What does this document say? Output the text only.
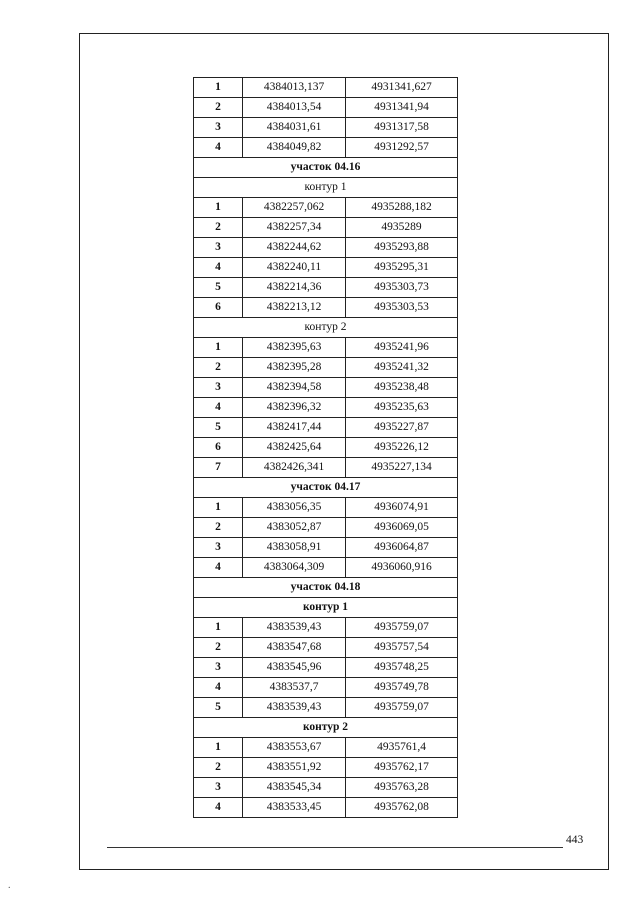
1	4384013,137	4931341,627
2	4384013,54	4931341,94
3	4384031,61	4931317,58
4	4384049,82	4931292,57
участок 04.16		
контур 1		
1	4382257,062	4935288,182
2	4382257,34	4935289
3	4382244,62	4935293,88
4	4382240,11	4935295,31
5	4382214,36	4935303,73
6	4382213,12	4935303,53
контур 2		
1	4382395,63	4935241,96
2	4382395,28	4935241,32
3	4382394,58	4935238,48
4	4382396,32	4935235,63
5	4382417,44	4935227,87
6	4382425,64	4935226,12
7	4382426,341	4935227,134
участок 04.17		
1	4383056,35	4936074,91
2	4383052,87	4936069,05
3	4383058,91	4936064,87
4	4383064,309	4936060,916
участок 04.18		
контур 1		
1	4383539,43	4935759,07
2	4383547,68	4935757,54
3	4383545,96	4935748,25
4	4383537,7	4935749,78
5	4383539,43	4935759,07
контур 2		
1	4383553,67	4935761,4
2	4383551,92	4935762,17
3	4383545,34	4935763,28
4	4383533,45	4935762,08
443
.
